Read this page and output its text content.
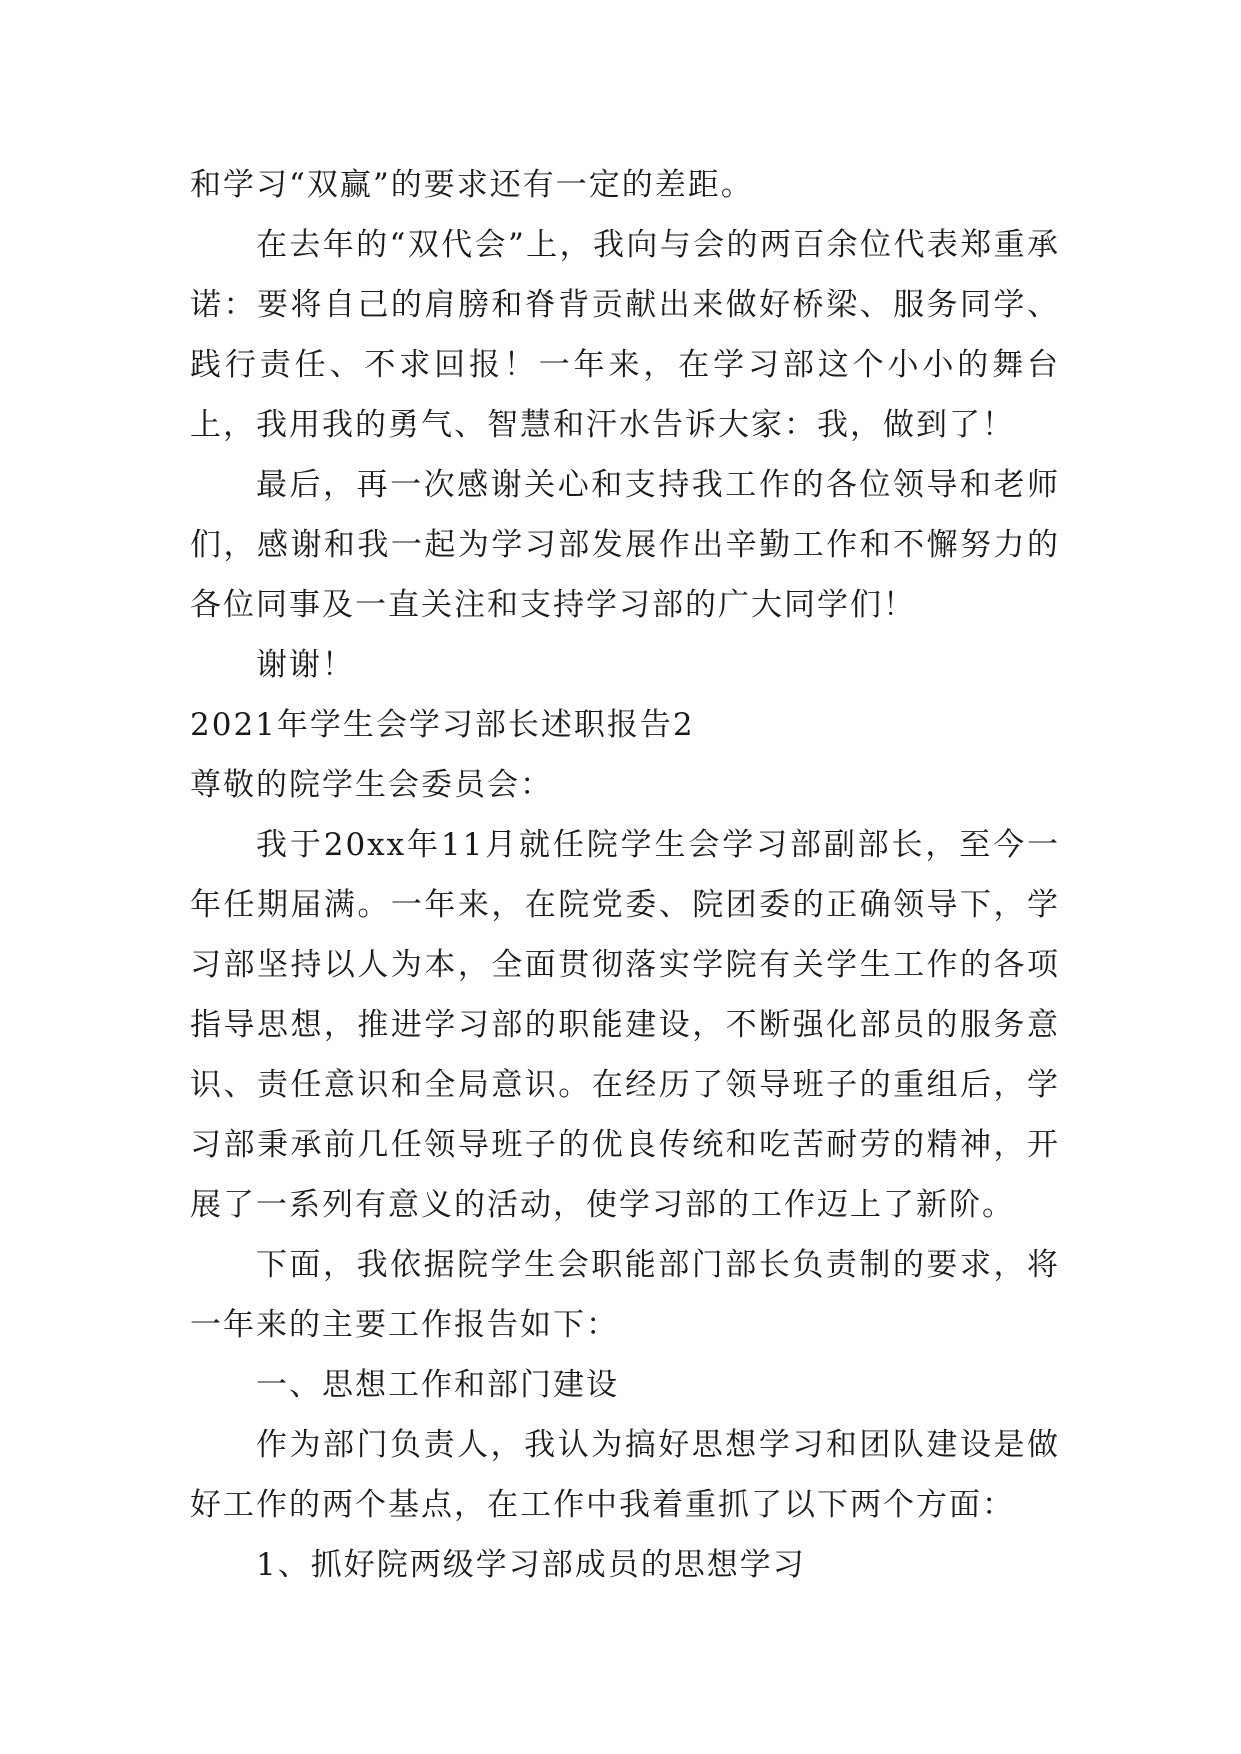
和学习“双赢”的要求还有一定的差距。

在去年的“双代会”上，我向与会的两百余位代表郑重承诺：要将自己的肩膀和脊背贡献出来做好桥梁、服务同学、践行责任、不求回报！一年来，在学习部这个小小的舞台上，我用我的勇气、智慧和汗水告诉大家：我，做到了！

最后，再一次感谢关心和支持我工作的各位领导和老师们，感谢和我一起为学习部发展作出辛勤工作和不懈努力的各位同事及一直关注和支持学习部的广大同学们！

谢谢！

2021年学生会学习部长述职报告2

尊敬的院学生会委员会：

我于20xx年11月就任院学生会学习部副部长，至今一年任期届满。一年来，在院党委、院团委的正确领导下，学习部坚持以人为本，全面贯彻落实学院有关学生工作的各项指导思想，推进学习部的职能建设，不断强化部员的服务意识、责任意识和全局意识。在经历了领导班子的重组后，学习部秉承前几任领导班子的优良传统和吃苦耐劳的精神，开展了一系列有意义的活动，使学习部的工作迈上了新阶。

下面，我依据院学生会职能部门部长负责制的要求，将一年来的主要工作报告如下：

一、思想工作和部门建设

作为部门负责人，我认为搞好思想学习和团队建设是做好工作的两个基点，在工作中我着重抓了以下两个方面：

1、抓好院两级学习部成员的思想学习
